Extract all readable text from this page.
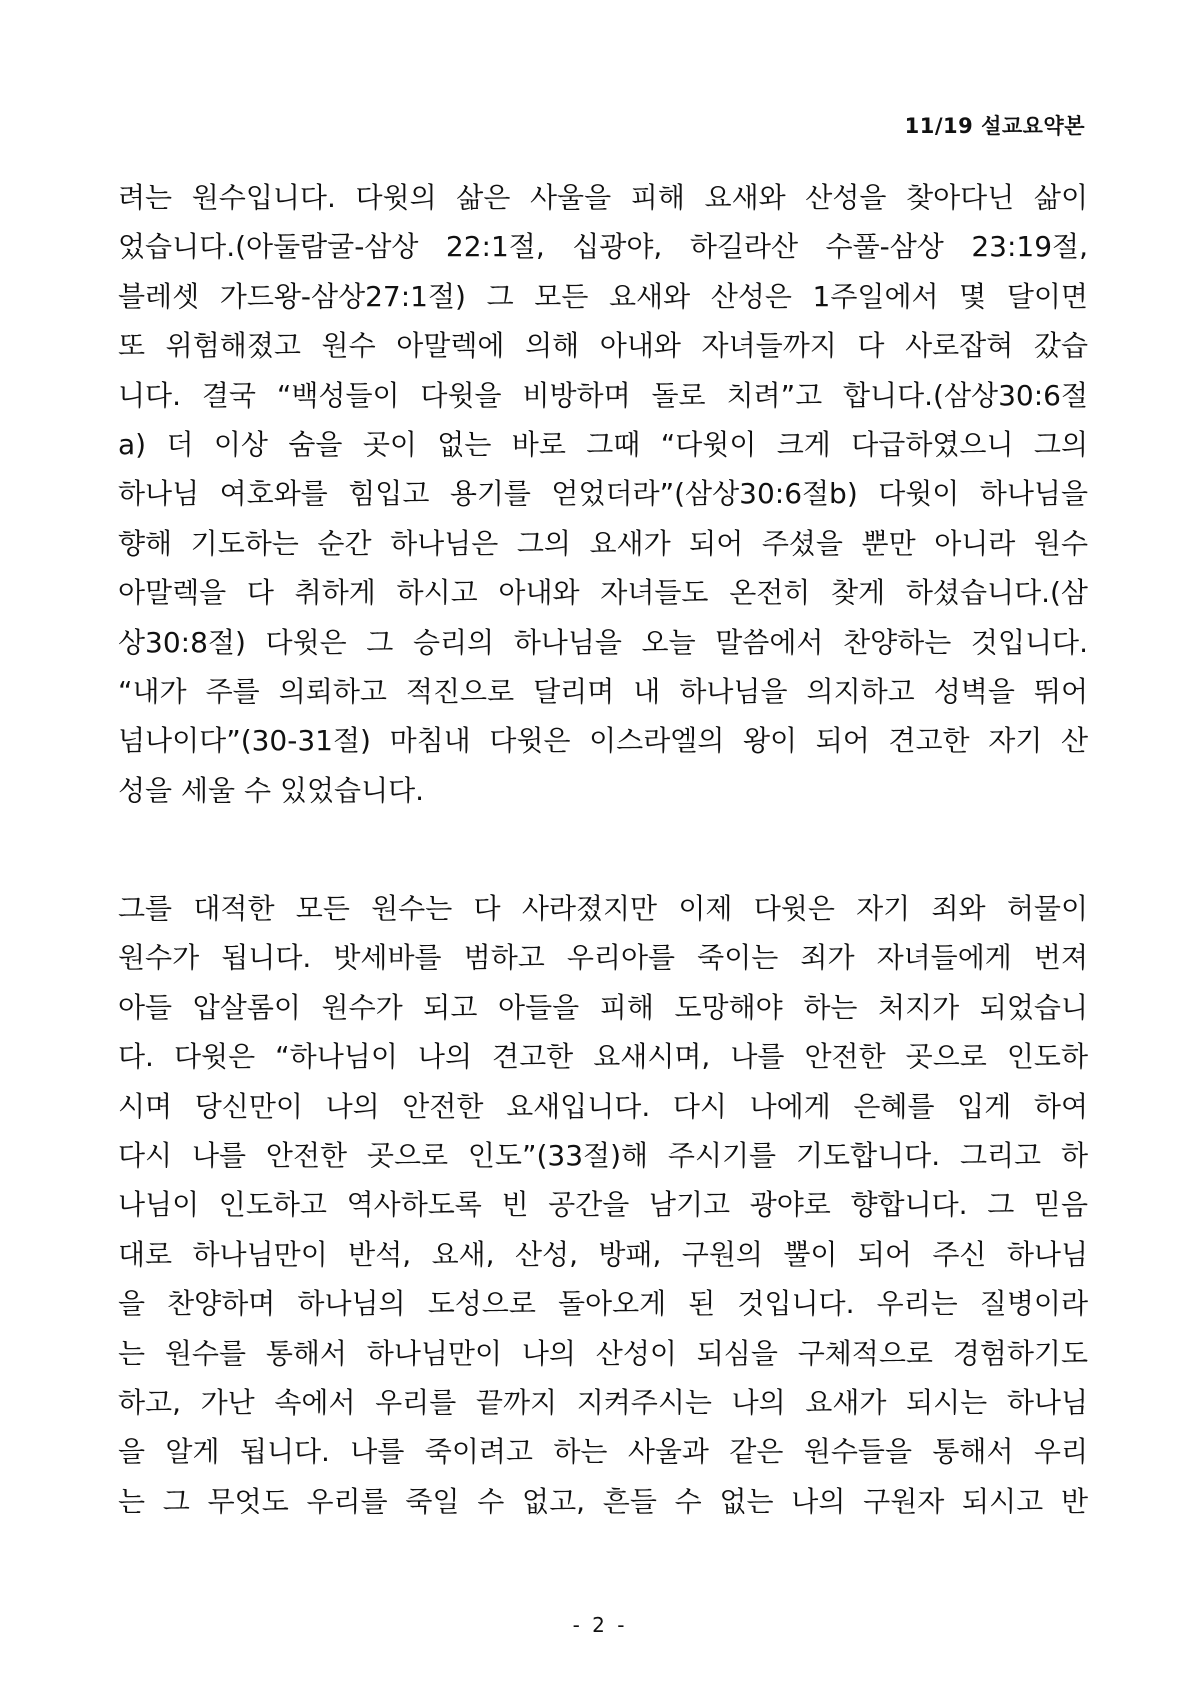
11/19 설교요약본
려는 원수입니다. 다윗의 삶은 사울을 피해 요새와 산성을 찾아다닌 삶이
었습니다.(아둘람굴-삼상 22:1절, 십광야, 하길라산 수풀-삼상 23:19절,
블레셋 가드왕-삼상27:1절) 그 모든 요새와 산성은 1주일에서 몇 달이면
또 위험해졌고 원수 아말렉에 의해 아내와 자녀들까지 다 사로잡혀 갔습
니다. 결국 “백성들이 다윗을 비방하며 돌로 치려”고 합니다.(삼상30:6절
a) 더 이상 숨을 곳이 없는 바로 그때 “다윗이 크게 다급하였으니 그의
하나님 여호와를 힘입고 용기를 얻었더라”(삼상30:6절b) 다윗이 하나님을
향해 기도하는 순간 하나님은 그의 요새가 되어 주셨을 뿐만 아니라 원수
아말렉을 다 취하게 하시고 아내와 자녀들도 온전히 찾게 하셨습니다.(삼
상30:8절) 다윗은 그 승리의 하나님을 오늘 말씀에서 찬양하는 것입니다.
“내가 주를 의뢰하고 적진으로 달리며 내 하나님을 의지하고 성벽을 뛰어
넘나이다”(30-31절) 마침내 다윗은 이스라엘의 왕이 되어 견고한 자기 산
성을 세울 수 있었습니다.
그를 대적한 모든 원수는 다 사라졌지만 이제 다윗은 자기 죄와 허물이
원수가 됩니다. 밧세바를 범하고 우리아를 죽이는 죄가 자녀들에게 번져
아들 압살롬이 원수가 되고 아들을 피해 도망해야 하는 처지가 되었습니
다. 다윗은 “하나님이 나의 견고한 요새시며, 나를 안전한 곳으로 인도하
시며 당신만이 나의 안전한 요새입니다. 다시 나에게 은혜를 입게 하여
다시 나를 안전한 곳으로 인도”(33절)해 주시기를 기도합니다. 그리고 하
나님이 인도하고 역사하도록 빈 공간을 남기고 광야로 향합니다. 그 믿음
대로 하나님만이 반석, 요새, 산성, 방패, 구원의 뿔이 되어 주신 하나님
을 찬양하며 하나님의 도성으로 돌아오게 된 것입니다. 우리는 질병이라
는 원수를 통해서 하나님만이 나의 산성이 되심을 구체적으로 경험하기도
하고, 가난 속에서 우리를 끝까지 지켜주시는 나의 요새가 되시는 하나님
을 알게 됩니다. 나를 죽이려고 하는 사울과 같은 원수들을 통해서 우리
는 그 무엇도 우리를 죽일 수 없고, 흔들 수 없는 나의 구원자 되시고 반
- 2 -
